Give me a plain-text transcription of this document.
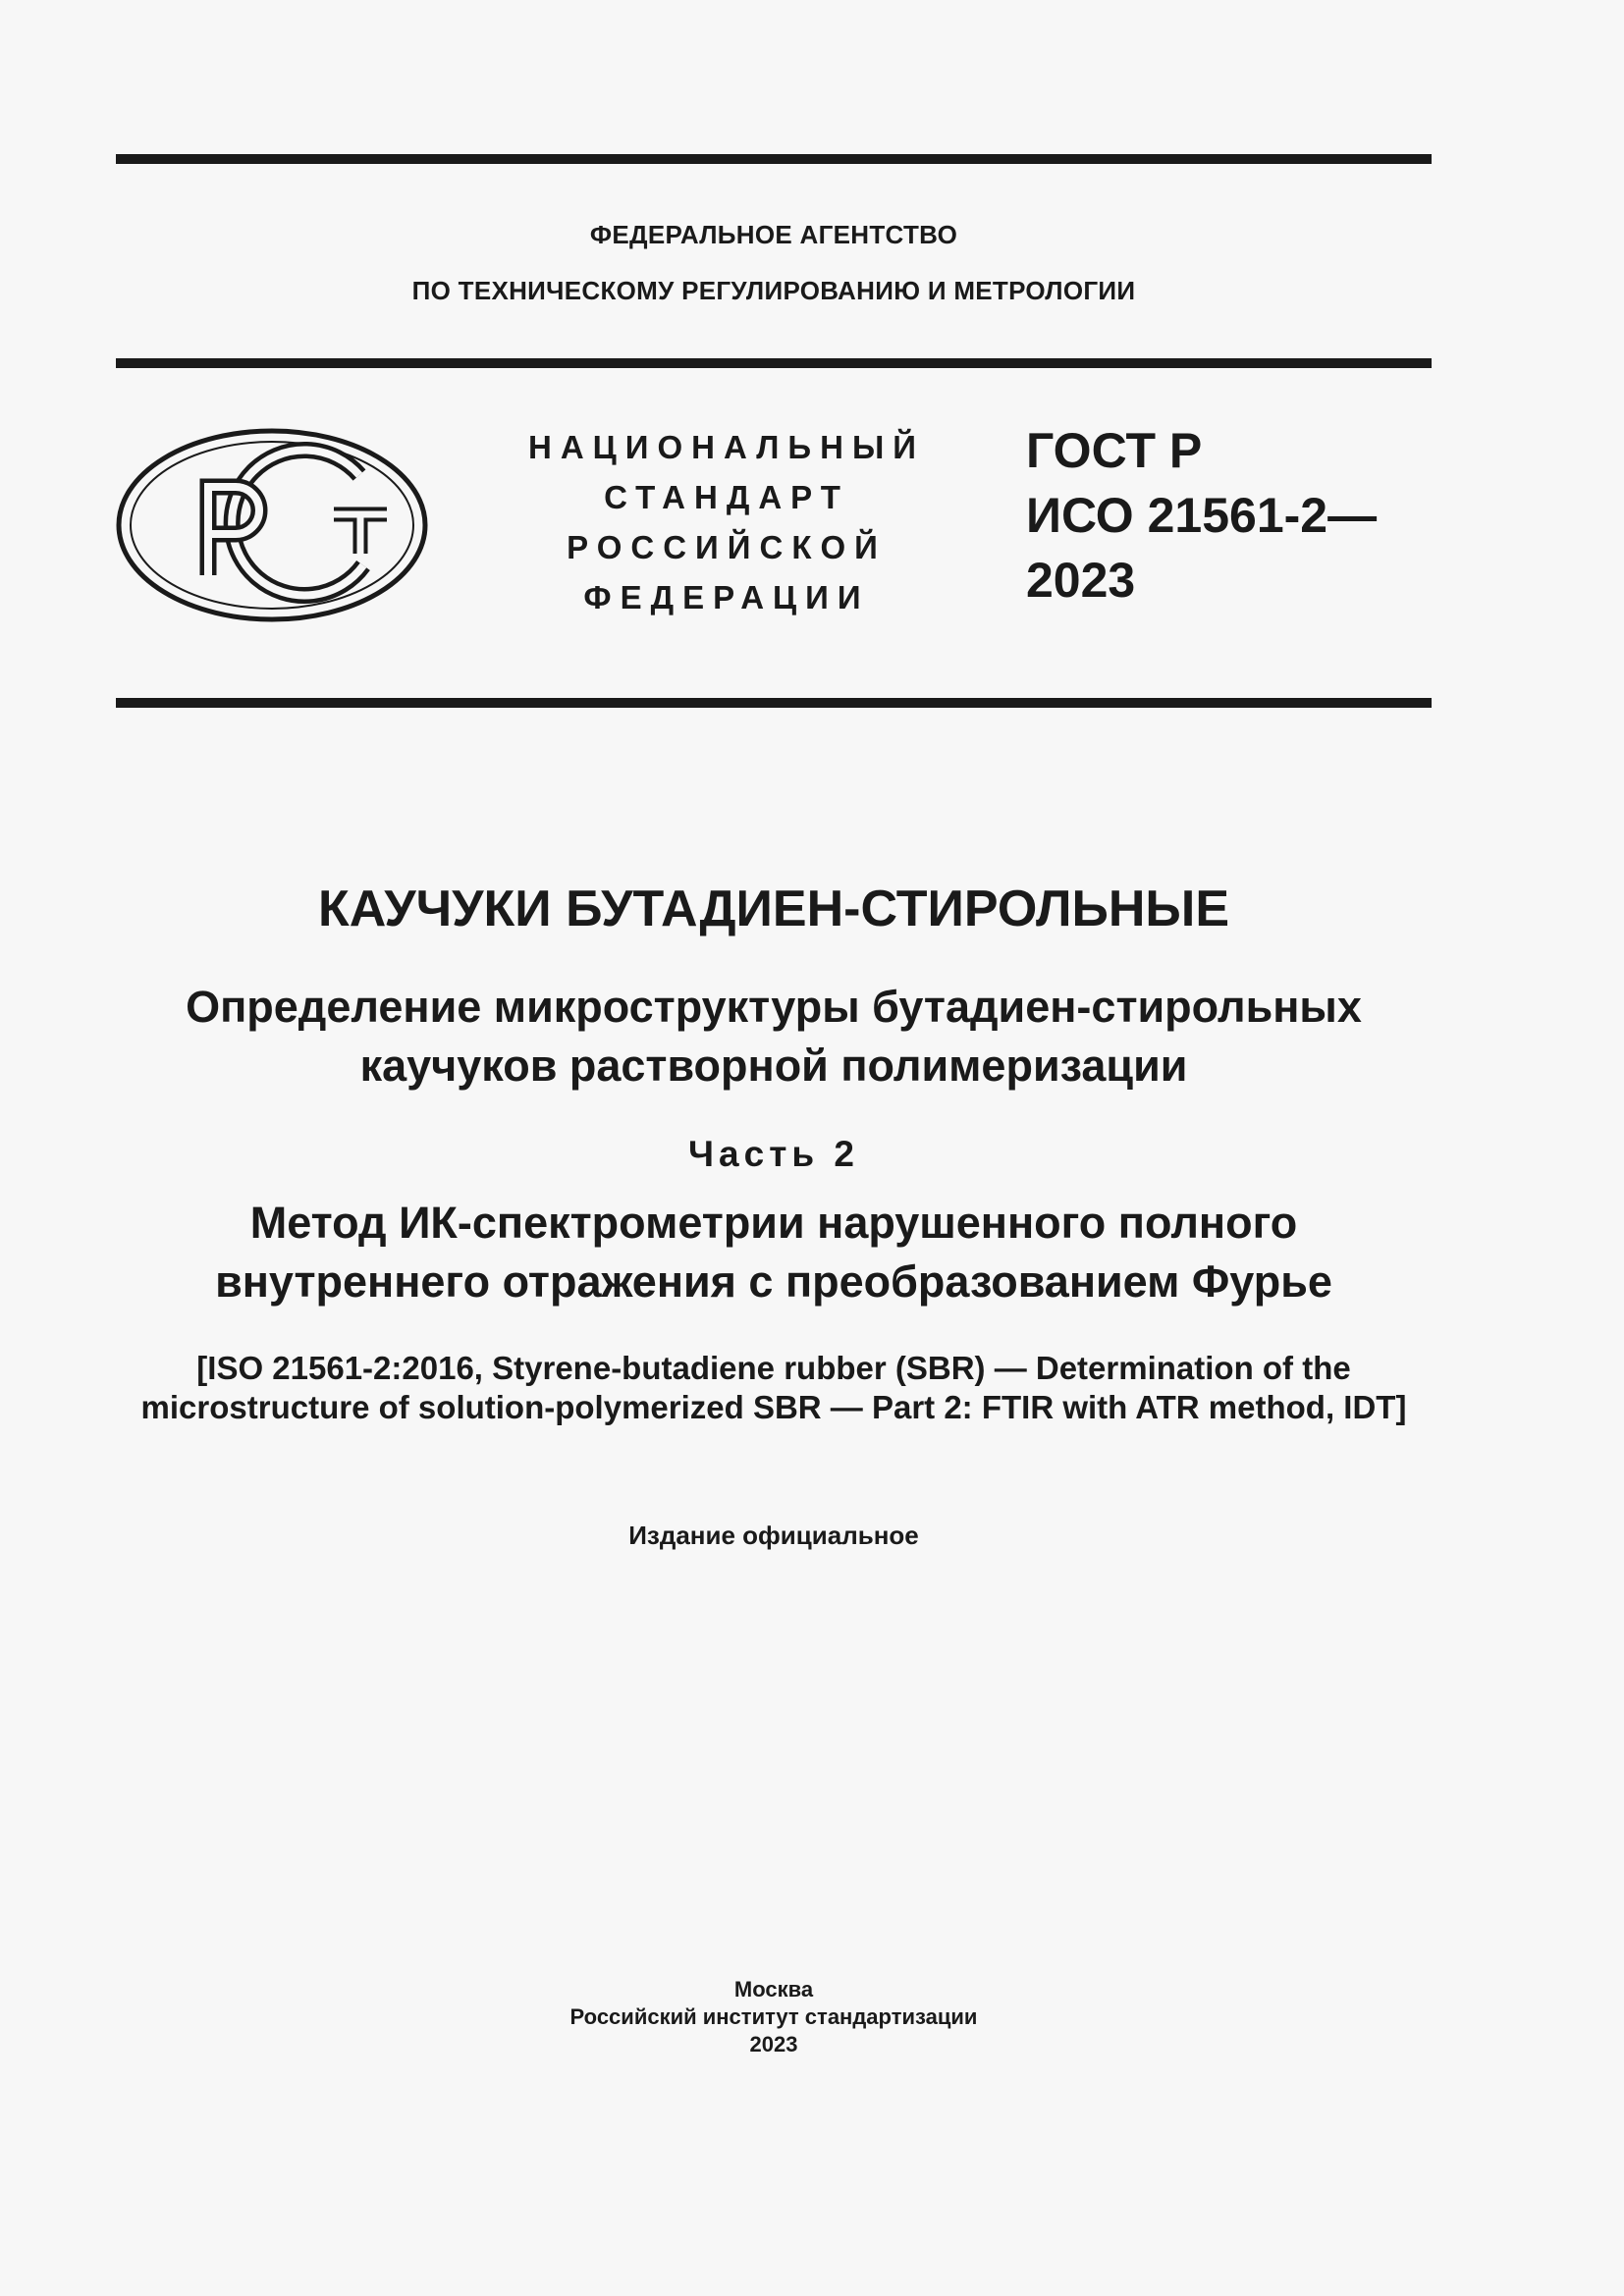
ФЕДЕРАЛЬНОЕ АГЕНТСТВО
ПО ТЕХНИЧЕСКОМУ РЕГУЛИРОВАНИЮ И МЕТРОЛОГИИ
НАЦИОНАЛЬНЫЙ
СТАНДАРТ
РОССИЙСКОЙ
ФЕДЕРАЦИИ
ГОСТ Р
ИСО 21561-2—
2023
КАУЧУКИ БУТАДИЕН-СТИРОЛЬНЫЕ
Определение микроструктуры бутадиен-стирольных
каучуков растворной полимеризации
Часть 2
Метод ИК-спектрометрии нарушенного полного
внутреннего отражения с преобразованием Фурье
[ISO 21561-2:2016, Styrene-butadiene rubber (SBR) — Determination of the
microstructure of solution-polymerized SBR — Part 2: FTIR with ATR method, IDT]
Издание официальное
Москва
Российский институт стандартизации
2023
